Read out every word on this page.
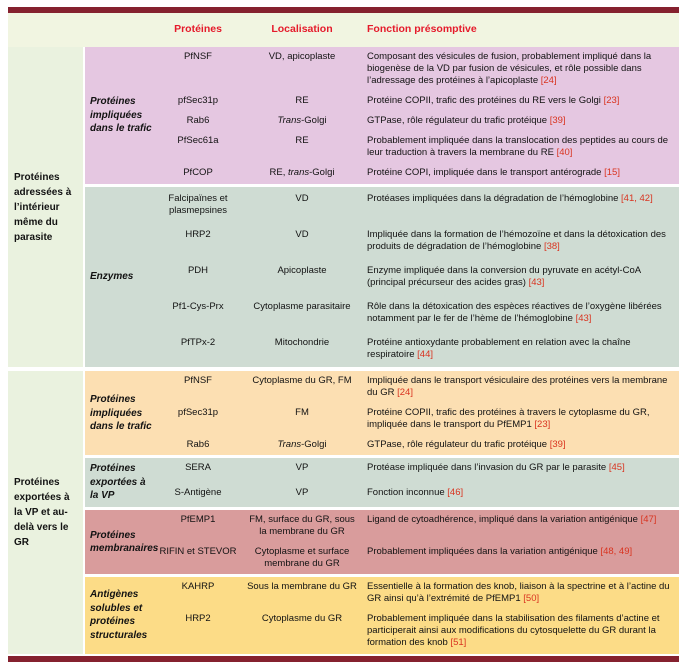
		Protéines	Localisation	Fonction présomptive
Protéines adressées à l’intérieur même du parasite	Protéines impliquées dans le trafic	PfNSF	VD, apicoplaste	Composant des vésicules de fusion, probablement impliqué dans la biogenèse de la VD par fusion de vésicules, et rôle possible dans l’adressage des protéines à l’apicoplaste [24]
		pfSec31p	RE	Protéine COPII, trafic des protéines du RE vers le Golgi [23]
		Rab6	Trans-Golgi	GTPase, rôle régulateur du trafic protéique [39]
		PfSec61a	RE	Probablement impliquée dans la translocation des peptides au cours de leur traduction à travers la membrane du RE [40]
		PfCOP	RE, trans-Golgi	Protéine COPI, impliquée dans le transport antérograde [15]
	Enzymes	Falcipaïnes et plasmepsines	VD	Protéases impliquées dans la dégradation de l’hémoglobine [41, 42]
		HRP2	VD	Impliquée dans la formation de l’hémozoïne et dans la détoxication des produits de dégradation de l’hémoglobine [38]
		PDH	Apicoplaste	Enzyme impliquée dans la conversion du pyruvate en acétyl-CoA (principal précurseur des acides gras) [43]
		Pf1-Cys-Prx	Cytoplasme parasitaire	Rôle dans la détoxication des espèces réactives de l’oxygène libérées notamment par le fer de l’hème de l’hémoglobine [43]
		PfTPx-2	Mitochondrie	Protéine antioxydante probablement en relation avec la chaîne respiratoire [44]
Protéines exportées à la VP et au-delà vers le GR	Protéines impliquées dans le trafic	PfNSF	Cytoplasme du GR, FM	Impliquée dans le transport vésiculaire des protéines vers la membrane du GR [24]
		pfSec31p	FM	Protéine COPII, trafic des protéines à travers le cytoplasme du GR, impliquée dans le transport du PfEMP1 [23]
		Rab6	Trans-Golgi	GTPase, rôle régulateur du trafic protéique [39]
	Protéines exportées à la VP	SERA	VP	Protéase impliquée dans l’invasion du GR par le parasite [45]
		S-Antigène	VP	Fonction inconnue [46]
	Protéines membranaires	PfEMP1	FM, surface du GR, sous la membrane du GR	Ligand de cytoadhérence, impliqué dans la variation antigénique [47]
		RIFIN et STEVOR	Cytoplasme et surface membrane du GR	Probablement impliquées dans la variation antigénique [48, 49]
	Antigènes solubles et protéines structurales	KAHRP	Sous la membrane du GR	Essentielle à la formation des knob, liaison à la spectrine et à l’actine du GR ainsi qu’à l’extrémité de PfEMP1 [50]
		HRP2	Cytoplasme du GR	Probablement impliquée dans la stabilisation des filaments d’actine et participerait ainsi aux modifications du cytosquelette du GR durant la formation des knob [51]
